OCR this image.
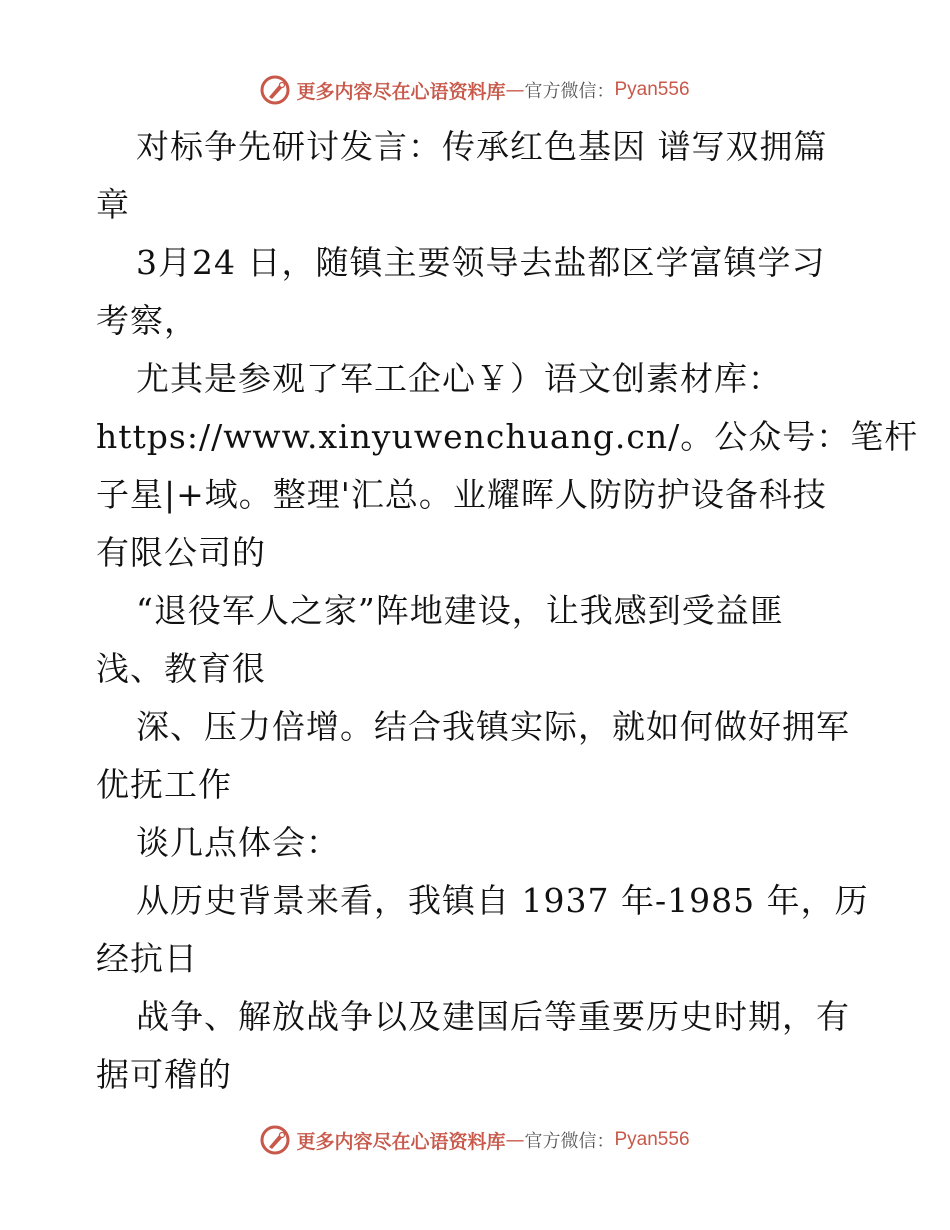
更多内容尽在心语资料库 — 官方微信： Pyan556
对标争先研讨发言：传承红色基因 谱写双拥篇
章
3月24 日，随镇主要领导去盐都区学富镇学习
考察，
尤其是参观了军工企心￥）语文创素材库：
https://www.xinyuwenchuang.cn/。公众号：笔杆
子星|+域。整理'汇总。业耀晖人防防护设备科技
有限公司的
“退役军人之家”阵地建设，让我感到受益匪
浅、教育很
深、压力倍增。结合我镇实际，就如何做好拥军
优抚工作
谈几点体会：
从历史背景来看，我镇自 1937 年-1985 年，历
经抗日
战争、解放战争以及建国后等重要历史时期，有
据可稽的
更多内容尽在心语资料库 — 官方微信： Pyan556
